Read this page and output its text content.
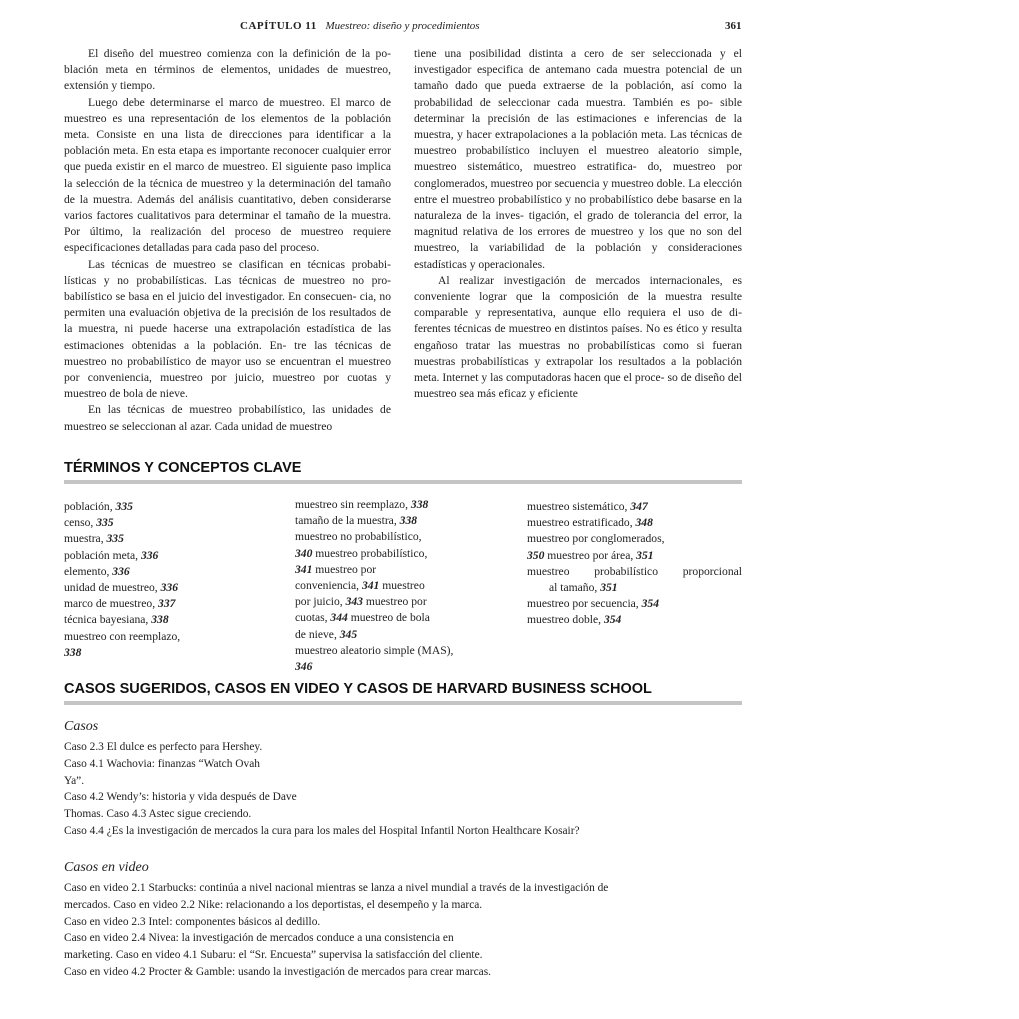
CAPÍTULO 11 Muestreo: diseño y procedimientos	361

El diseño del muestreo comienza con la definición de la po- blación meta en términos de elementos, unidades de muestreo, extensión y tiempo.

Luego debe determinarse el marco de muestreo. El marco de muestreo es una representación de los elementos de la población meta. Consiste en una lista de direcciones para identificar a la población meta. En esta etapa es importante reconocer cualquier error que pueda existir en el marco de muestreo. El siguiente paso implica la selección de la técnica de muestreo y la determinación del tamaño de la muestra. Además del análisis cuantitativo, deben considerarse varios factores cualitativos para determinar el tamaño de la muestra. Por último, la realización del proceso de muestreo requiere especificaciones detalladas para cada paso del proceso.

Las técnicas de muestreo se clasifican en técnicas probabi- lísticas y no probabilísticas. Las técnicas de muestreo no pro- babilístico se basa en el juicio del investigador. En consecuen- cia, no permiten una evaluación objetiva de la precisión de los resultados de la muestra, ni puede hacerse una extrapolación estadística de las estimaciones obtenidas a la población. En- tre las técnicas de muestreo no probabilístico de mayor uso se encuentran el muestreo por conveniencia, muestreo por juicio, muestreo por cuotas y muestreo de bola de nieve.

En las técnicas de muestreo probabilístico, las unidades de muestreo se seleccionan al azar. Cada unidad de muestreo

tiene una posibilidad distinta a cero de ser seleccionada y el investigador especifica de antemano cada muestra potencial de un tamaño dado que pueda extraerse de la población, así como la probabilidad de seleccionar cada muestra. También es po- sible determinar la precisión de las estimaciones e inferencias de la muestra, y hacer extrapolaciones a la población meta. Las técnicas de muestreo probabilístico incluyen el muestreo aleatorio simple, muestreo sistemático, muestreo estratifica- do, muestreo por conglomerados, muestreo por secuencia y muestreo doble. La elección entre el muestreo probabilístico y no probabilístico debe basarse en la naturaleza de la inves- tigación, el grado de tolerancia del error, la magnitud relativa de los errores de muestreo y los que no son del muestreo, la variabilidad de la población y consideraciones estadísticas y operacionales.

Al realizar investigación de mercados internacionales, es conveniente lograr que la composición de la muestra resulte comparable y representativa, aunque ello requiera el uso de di- ferentes técnicas de muestreo en distintos países. No es ético y resulta engañoso tratar las muestras no probabilísticas como si fueran muestras probabilísticas y extrapolar los resultados a la población meta. Internet y las computadoras hacen que el proce- so de diseño del muestreo sea más eficaz y eficiente

TÉRMINOS Y CONCEPTOS CLAVE
población, 335
censo, 335
muestra, 335
población meta, 336
elemento, 336
unidad de muestreo, 336
marco de muestreo, 337
técnica bayesiana, 338
muestreo con reemplazo,
338
muestreo sin reemplazo, 338
tamaño de la muestra, 338
muestreo no probabilístico,
340 muestreo probabilístico,
341 muestreo por
conveniencia, 341 muestreo
por juicio, 343 muestreo por
cuotas, 344 muestreo de bola
de nieve, 345
muestreo aleatorio simple (MAS),
346
muestreo sistemático, 347
muestreo estratificado, 348
muestreo por conglomerados,
350 muestreo por área, 351
muestreo probabilístico proporcional
al tamaño, 351
muestreo por secuencia, 354
muestreo doble, 354
CASOS SUGERIDOS, CASOS EN VIDEO Y CASOS DE HARVARD BUSINESS SCHOOL
Casos
Caso 2.3 El dulce es perfecto para Hershey.
Caso 4.1 Wachovia: finanzas “Watch Ovah
Ya”.
Caso 4.2 Wendy’s: historia y vida después de Dave
Thomas. Caso 4.3 Astec sigue creciendo.
Caso 4.4 ¿Es la investigación de mercados la cura para los males del Hospital Infantil Norton Healthcare Kosair?
Casos en video
Caso en video 2.1 Starbucks: continúa a nivel nacional mientras se lanza a nivel mundial a través de la investigación de
mercados. Caso en video 2.2 Nike: relacionando a los deportistas, el desempeño y la marca.
Caso en video 2.3 Intel: componentes básicos al dedillo.
Caso en video 2.4 Nivea: la investigación de mercados conduce a una consistencia en
marketing. Caso en video 4.1 Subaru: el “Sr. Encuesta” supervisa la satisfacción del cliente.
Caso en video 4.2 Procter & Gamble: usando la investigación de mercados para crear marcas.
